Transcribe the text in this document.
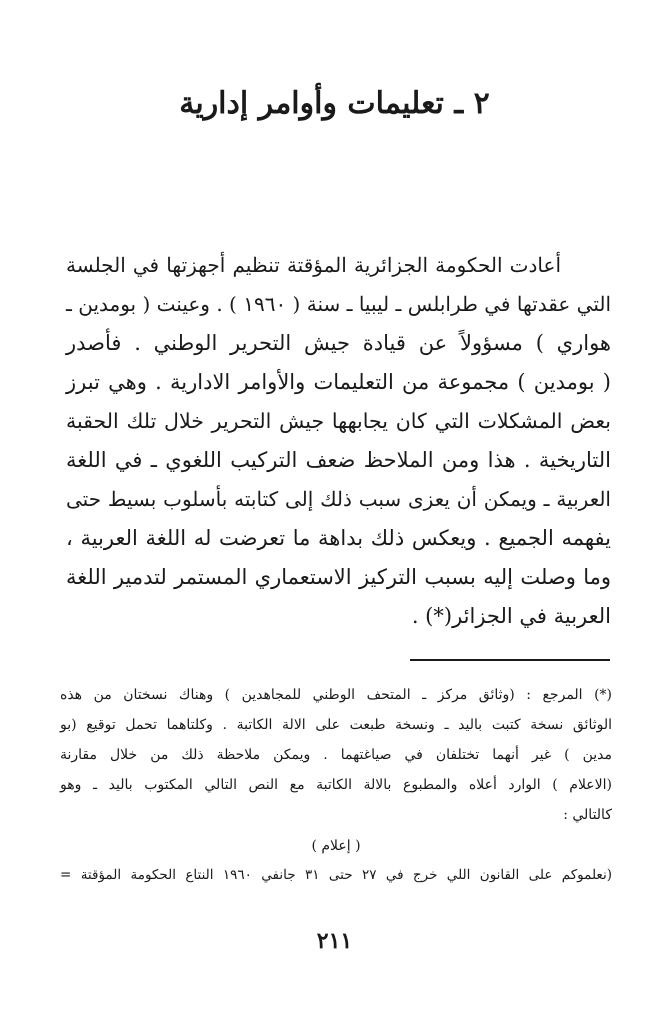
٢ ـ تعليمات وأوامر إدارية
أعادت الحكومة الجزائرية المؤقتة تنظيم أجهزتها في الجلسة
التي عقدتها في طرابلس ـ ليبيا ـ سنة ( ١٩٦٠ ) . وعينت ( بومدين ـ
هواري ) مسؤولاً عن قيادة جيش التحرير الوطني . فأصدر
( بومدين ) مجموعة من التعليمات والأوامر الادارية . وهي تبرز
بعض المشكلات التي كان يجابهها جيش التحرير خلال تلك الحقبة
التاريخية . هذا ومن الملاحظ ضعف التركيب اللغوي ـ في اللغة
العربية ـ ويمكن أن يعزى سبب ذلك إلى كتابته بأسلوب بسيط حتى
يفهمه الجميع . ويعكس ذلك بداهة ما تعرضت له اللغة العربية ،
وما وصلت إليه بسبب التركيز الاستعماري المستمر لتدمير اللغة
العربية في الجزائر(*) .
(*) المرجع : (وثائق مركز ـ المتحف الوطني للمجاهدين ) وهناك نسختان من هذه
الوثائق نسخة كتبت باليد ـ ونسخة طبعت على الالة الكاتبة . وكلتاهما تحمل توقيع (بو
مدين ) غير أنهما تختلفان في صياغتهما . ويمكن ملاحظة ذلك من خلال مقارنة
(الاعلام ) الوارد أعلاه والمطبوع بالالة الكاتبة مع النص التالي المكتوب باليد ـ وهو
كالتالي :
( إعلام )
(نعلموكم على القانون اللي خرج في ٢٧ حتى ٣١ جانفي ١٩٦٠ النتاع الحكومة المؤقتة =
٢١١
